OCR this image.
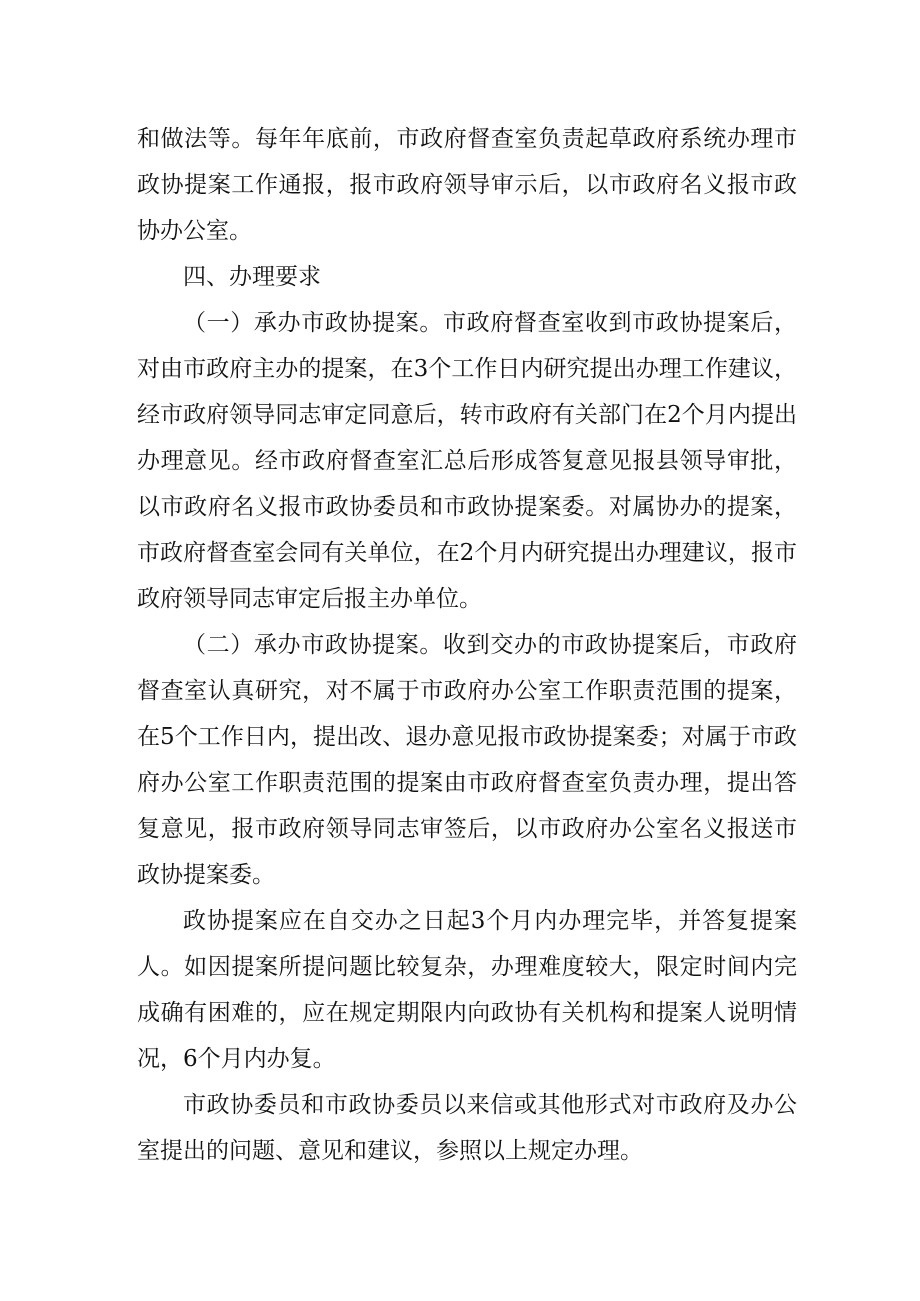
和做法等。每年年底前，市政府督查室负责起草政府系统办理市政协提案工作通报，报市政府领导审示后，以市政府名义报市政协办公室。

四、办理要求

（一）承办市政协提案。市政府督查室收到市政协提案后，对由市政府主办的提案，在3个工作日内研究提出办理工作建议，经市政府领导同志审定同意后，转市政府有关部门在2个月内提出办理意见。经市政府督查室汇总后形成答复意见报县领导审批，以市政府名义报市政协委员和市政协提案委。对属协办的提案，市政府督查室会同有关单位，在2个月内研究提出办理建议，报市政府领导同志审定后报主办单位。

（二）承办市政协提案。收到交办的市政协提案后，市政府督查室认真研究，对不属于市政府办公室工作职责范围的提案，在5个工作日内，提出改、退办意见报市政协提案委；对属于市政府办公室工作职责范围的提案由市政府督查室负责办理，提出答复意见，报市政府领导同志审签后，以市政府办公室名义报送市政协提案委。

政协提案应在自交办之日起3个月内办理完毕，并答复提案人。如因提案所提问题比较复杂，办理难度较大，限定时间内完成确有困难的，应在规定期限内向政协有关机构和提案人说明情况，6个月内办复。

市政协委员和市政协委员以来信或其他形式对市政府及办公室提出的问题、意见和建议，参照以上规定办理。
